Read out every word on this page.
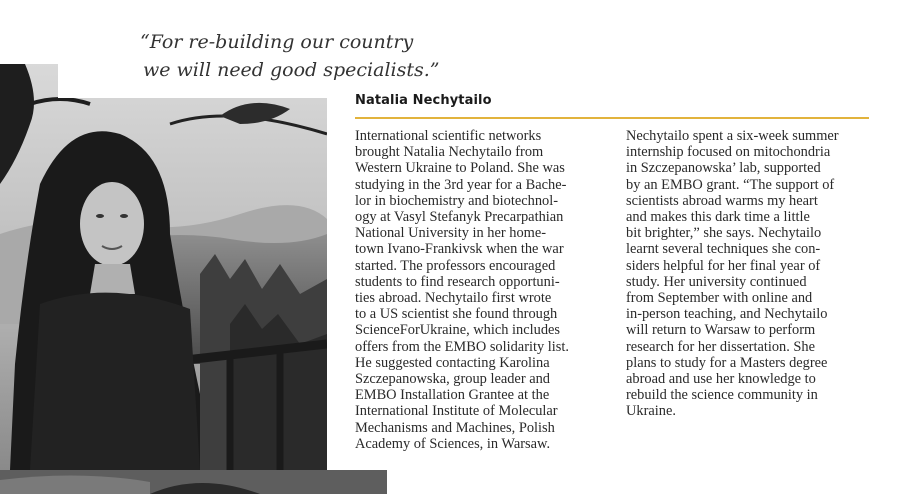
“For re-building our country
we will need good specialists.”

Natalia Nechytailo

International scientific networks
brought Natalia Nechytailo from
Western Ukraine to Poland. She was
studying in the 3rd year for a Bache-
lor in biochemistry and biotechnol-
ogy at Vasyl Stefanyk Precarpathian
National University in her home-
town Ivano-Frankivsk when the war
started. The professors encouraged
students to find research opportuni-
ties abroad. Nechytailo first wrote
to a US scientist she found through
ScienceForUkraine, which includes
offers from the EMBO solidarity list.
He suggested contacting Karolina
Szczepanowska, group leader and
EMBO Installation Grantee at the
International Institute of Molecular
Mechanisms and Machines, Polish
Academy of Sciences, in Warsaw.

Nechytailo spent a six-week summer
internship focused on mitochondria
in Szczepanowska’ lab, supported
by an EMBO grant. “The support of
scientists abroad warms my heart
and makes this dark time a little
bit brighter,” she says. Nechytailo
learnt several techniques she con-
siders helpful for her final year of
study. Her university continued
from September with online and
in-person teaching, and Nechytailo
will return to Warsaw to perform
research for her dissertation. She
plans to study for a Masters degree
abroad and use her knowledge to
rebuild the science community in
Ukraine.
